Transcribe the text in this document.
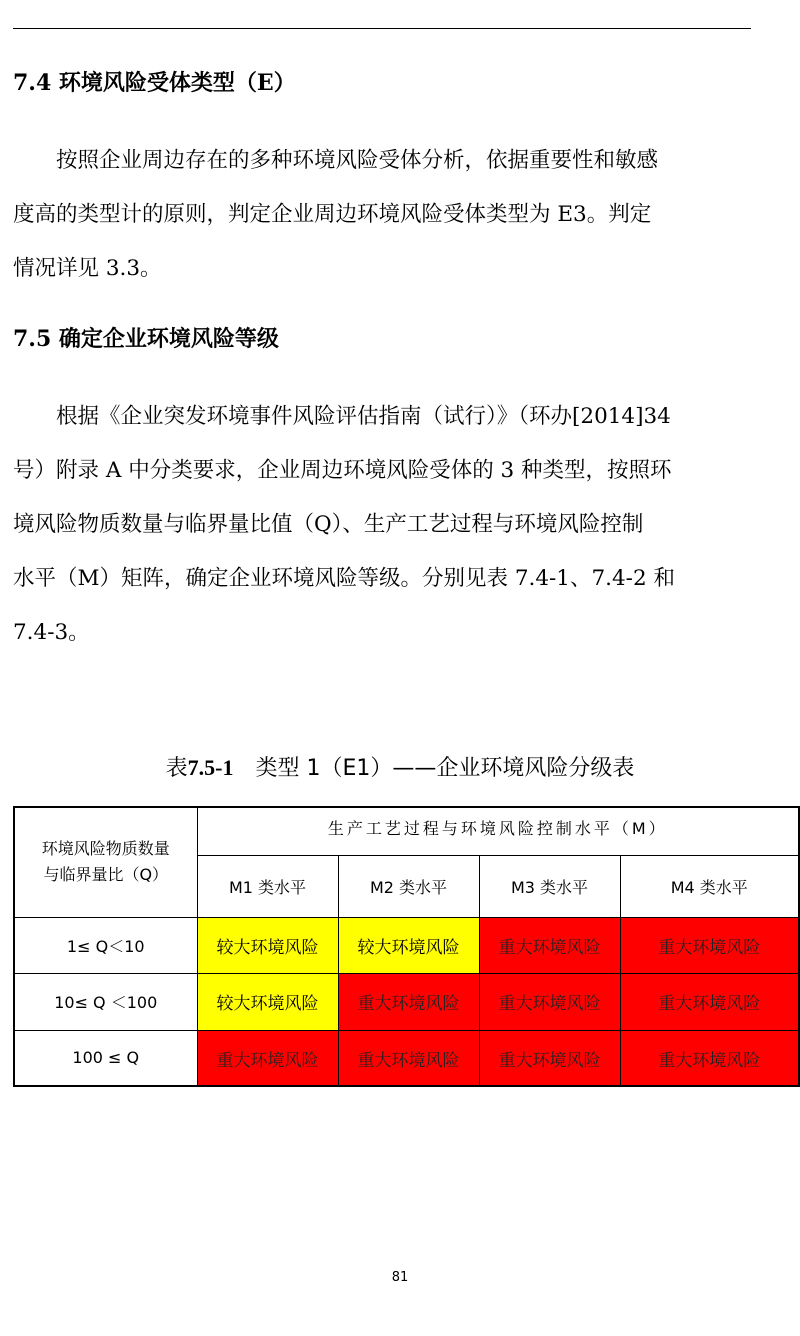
7.4 环境风险受体类型（E）

　　按照企业周边存在的多种环境风险受体分析，依据重要性和敏感
度高的类型计的原则，判定企业周边环境风险受体类型为 E3。判定
情况详见 3.3。

7.5 确定企业环境风险等级

　　根据《企业突发环境事件风险评估指南（试行）》（环办[2014]34
号）附录 A 中分类要求，企业周边环境风险受体的 3 种类型，按照环
境风险物质数量与临界量比值（Q）、生产工艺过程与环境风险控制
水平（M）矩阵，确定企业环境风险等级。分别见表 7.4-1、7.4-2 和
7.4-3。

表7.5-1 类型 1（E1）——企业环境风险分级表
环境风险物质数量
与临界量比（Q）	生产工艺过程与环境风险控制水平（M）			
	M1 类水平	M2 类水平	M3 类水平	M4 类水平
1≤ Q＜10	较大环境风险	较大环境风险	重大环境风险	重大环境风险
10≤ Q ＜100	较大环境风险	重大环境风险	重大环境风险	重大环境风险
100 ≤ Q	重大环境风险	重大环境风险	重大环境风险	重大环境风险
81
